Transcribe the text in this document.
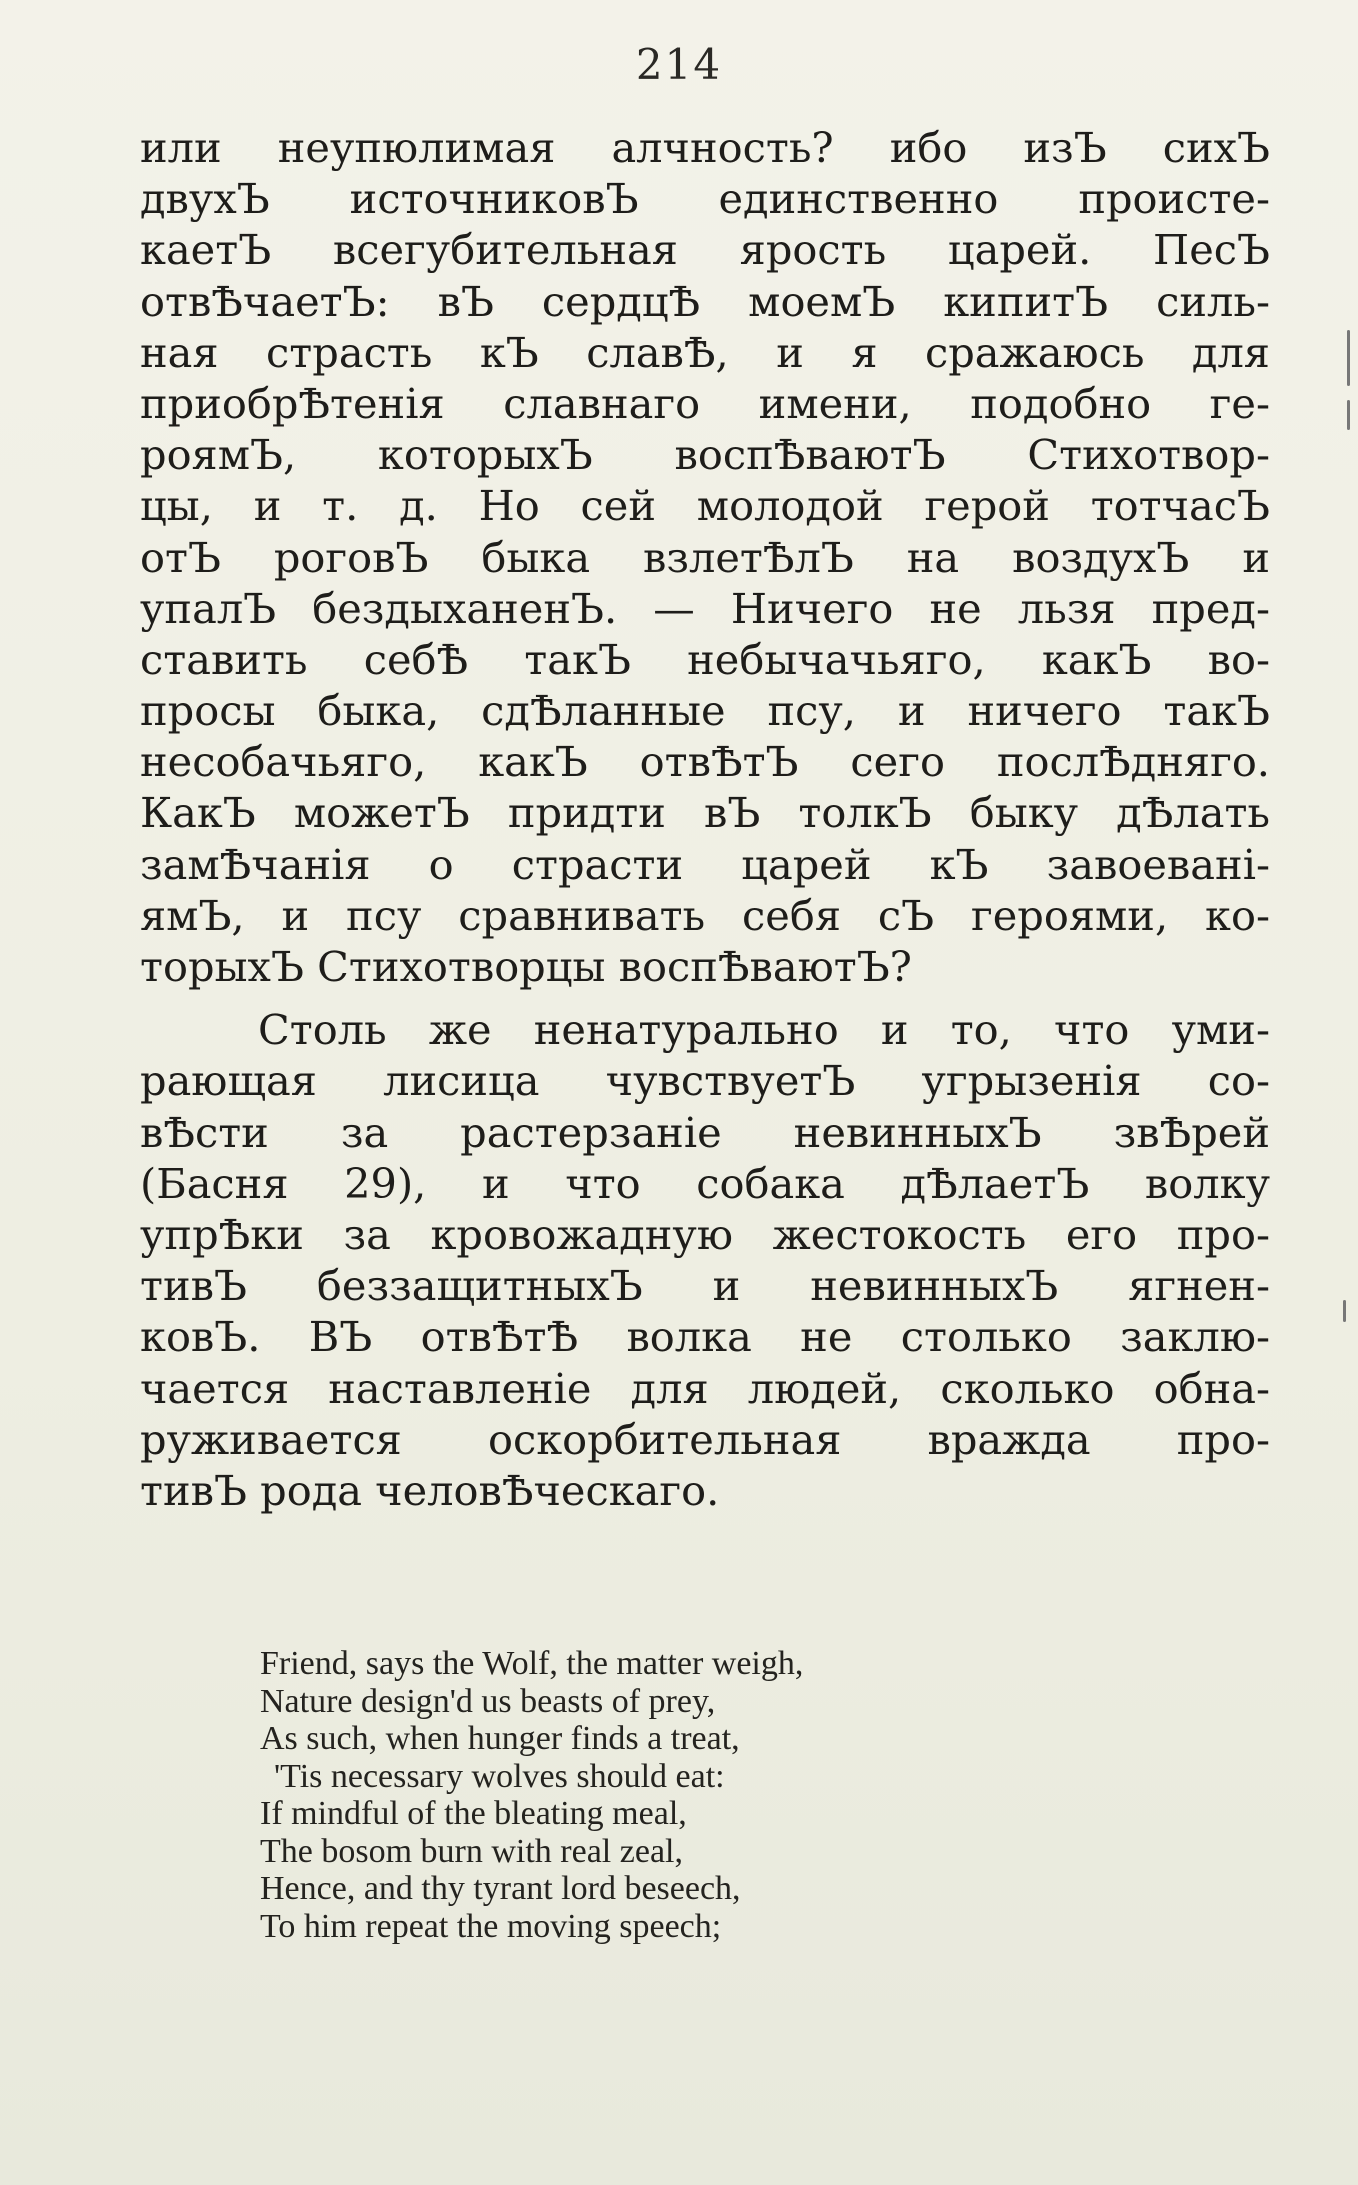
214
или неупюлимая алчность? ибо изЪ сихЪ
двухЪ источниковЪ единственно происте-
каетЪ всегубительная ярость царей. ПесЪ
отвѢчаетЪ: вЪ сердцѢ моемЪ кипитЪ силь-
ная страсть кЪ славѢ, и я сражаюсь для
приобрѢтенія славнаго имени, подобно ге-
роямЪ, которыхЪ воспѢваютЪ Стихотвор-
цы, и т. д. Но сей молодой герой тотчасЪ
отЪ роговЪ быка взлетѢлЪ на воздухЪ и
упалЪ бездыханенЪ. — Ничего не льзя пред-
ставить себѢ такЪ небычачьяго, какЪ во-
просы быка, сдѢланные псу, и ничего такЪ
несобачьяго, какЪ отвѢтЪ сего послѢдняго.
КакЪ можетЪ придти вЪ толкЪ быку дѢлать
замѢчанія о страсти царей кЪ завоевані-
ямЪ, и псу сравнивать себя сЪ героями, ко-
торыхЪ Стихотворцы воспѢваютЪ?
Столь же ненатурально и то, что уми-
рающая лисица чувствуетЪ угрызенія со-
вѢсти за растерзаніе невинныхЪ звѢрей
(Басня 29), и что собака дѢлаетЪ волку
упрѢки за кровожадную жестокость его про-
тивЪ беззащитныхЪ и невинныхЪ ягнен-
ковЪ. ВЪ отвѢтѢ волка не столько заклю-
чается наставленіе для людей, сколько обна-
руживается оскорбительная вражда про-
тивЪ рода человѢческаго.
Friend, says the Wolf, the matter weigh,
Nature design'd us beasts of prey,
As such, when hunger finds a treat,
'Tis necessary wolves should eat:
If mindful of the bleating meal,
The bosom burn with real zeal,
Hence, and thy tyrant lord beseech,
To him repeat the moving speech;
